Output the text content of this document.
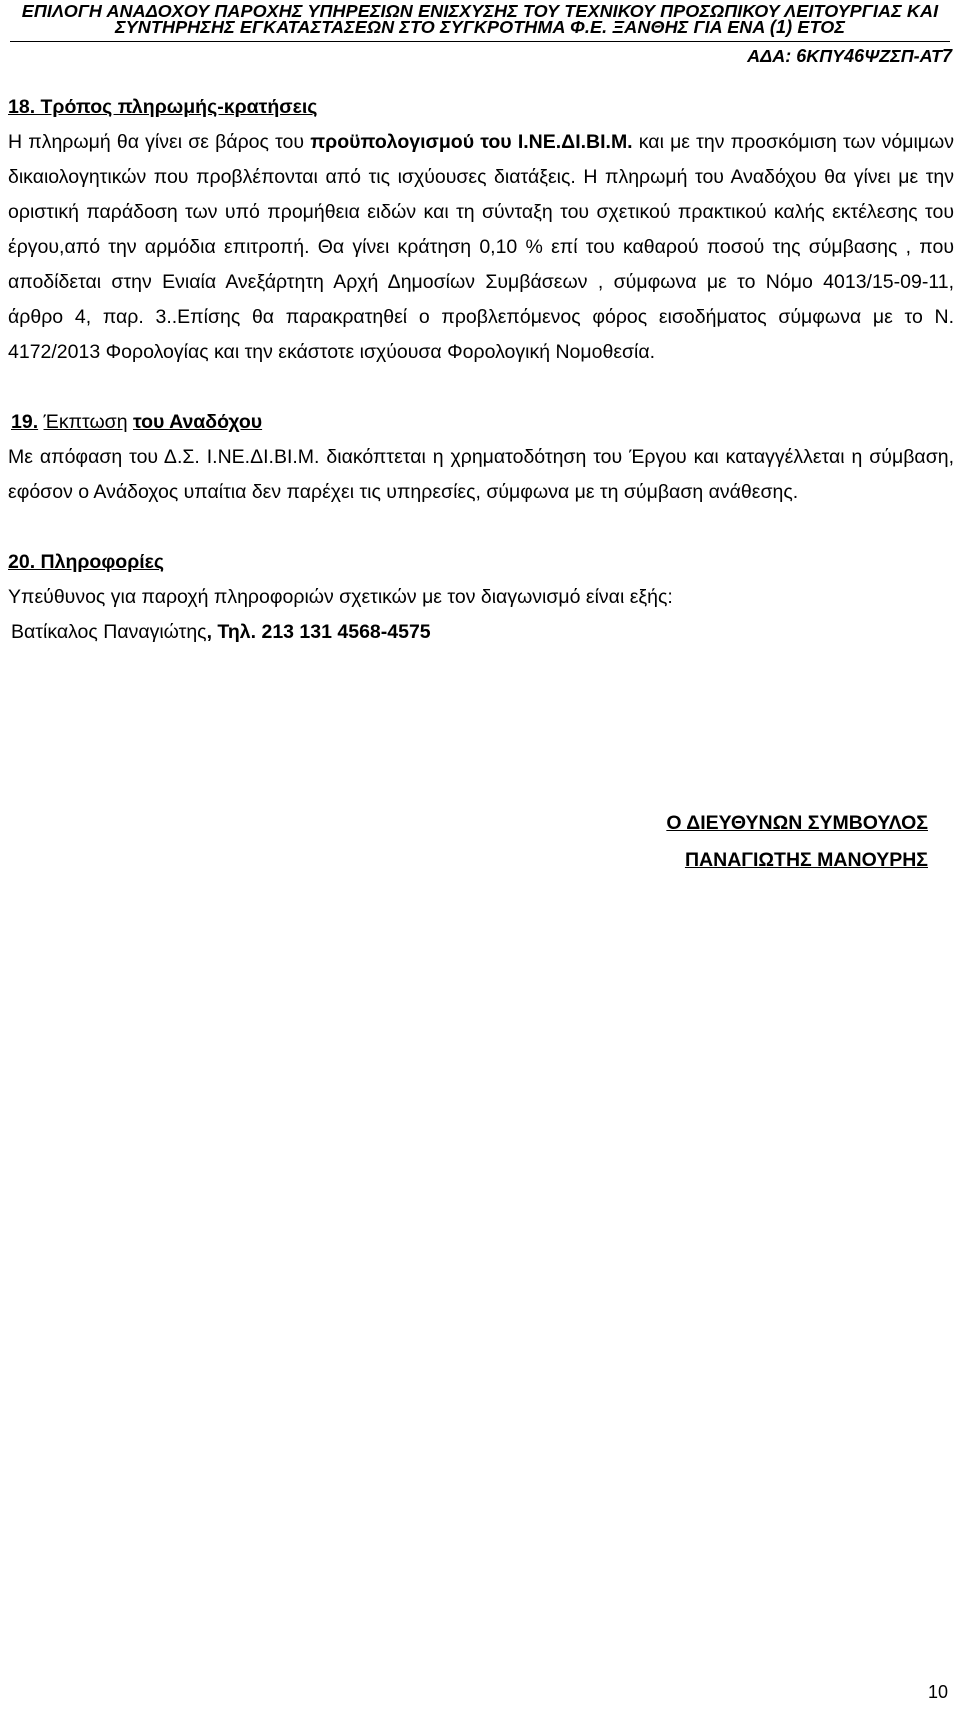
ΕΠΙΛΟΓΗ ΑΝΑΔΟΧΟΥ ΠΑΡΟΧΗΣ ΥΠΗΡΕΣΙΩΝ ΕΝΙΣΧΥΣΗΣ ΤΟΥ ΤΕΧΝΙΚΟΥ ΠΡΟΣΩΠΙΚΟΥ ΛΕΙΤΟΥΡΓΙΑΣ ΚΑΙ
ΣΥΝΤΗΡΗΣΗΣ ΕΓΚΑΤΑΣΤΑΣΕΩΝ ΣΤΟ ΣΥΓΚΡΟΤΗΜΑ Φ.Ε. ΞΑΝΘΗΣ ΓΙΑ ΕΝΑ (1) ΕΤΟΣ
ΑΔΑ: 6ΚΠΥ46ΨΖΣΠ-ΑΤ7
18. Τρόπος πληρωμής-κρατήσεις

Η πληρωμή θα γίνει σε βάρος του προϋπολογισμού του Ι.ΝΕ.ΔΙ.ΒΙ.Μ. και με την προσκόμιση των νόμιμων δικαιολογητικών που προβλέπονται από τις ισχύουσες διατάξεις. Η πληρωμή του Αναδόχου θα γίνει με την οριστική παράδοση των υπό προμήθεια ειδών και τη σύνταξη του σχετικού πρακτικού καλής εκτέλεσης του έργου,από την αρμόδια επιτροπή. Θα γίνει κράτηση 0,10 % επί του καθαρού ποσού της σύμβασης , που αποδίδεται στην Ενιαία Ανεξάρτητη Αρχή Δημοσίων Συμβάσεων , σύμφωνα με το Νόμο 4013/15-09-11, άρθρο 4, παρ. 3..Επίσης θα παρακρατηθεί ο προβλεπόμενος φόρος εισοδήματος σύμφωνα με το Ν. 4172/2013 Φορολογίας και την εκάστοτε ισχύουσα Φορολογική Νομοθεσία.

19. Έκπτωση του Αναδόχου

Με απόφαση του Δ.Σ. Ι.ΝΕ.ΔΙ.ΒΙ.Μ. διακόπτεται η χρηματοδότηση του Έργου και καταγγέλλεται η σύμβαση, εφόσον ο Ανάδοχος υπαίτια δεν παρέχει τις υπηρεσίες, σύμφωνα με τη σύμβαση ανάθεσης.

20. Πληροφορίες

Υπεύθυνος για παροχή πληροφοριών σχετικών με τον διαγωνισμό είναι εξής:

Βατίκαλος Παναγιώτης, Τηλ. 213 131 4568-4575
Ο ΔΙΕΥΘΥΝΩΝ ΣΥΜΒΟΥΛΟΣ
ΠΑΝΑΓΙΩΤΗΣ ΜΑΝΟΥΡΗΣ
10
